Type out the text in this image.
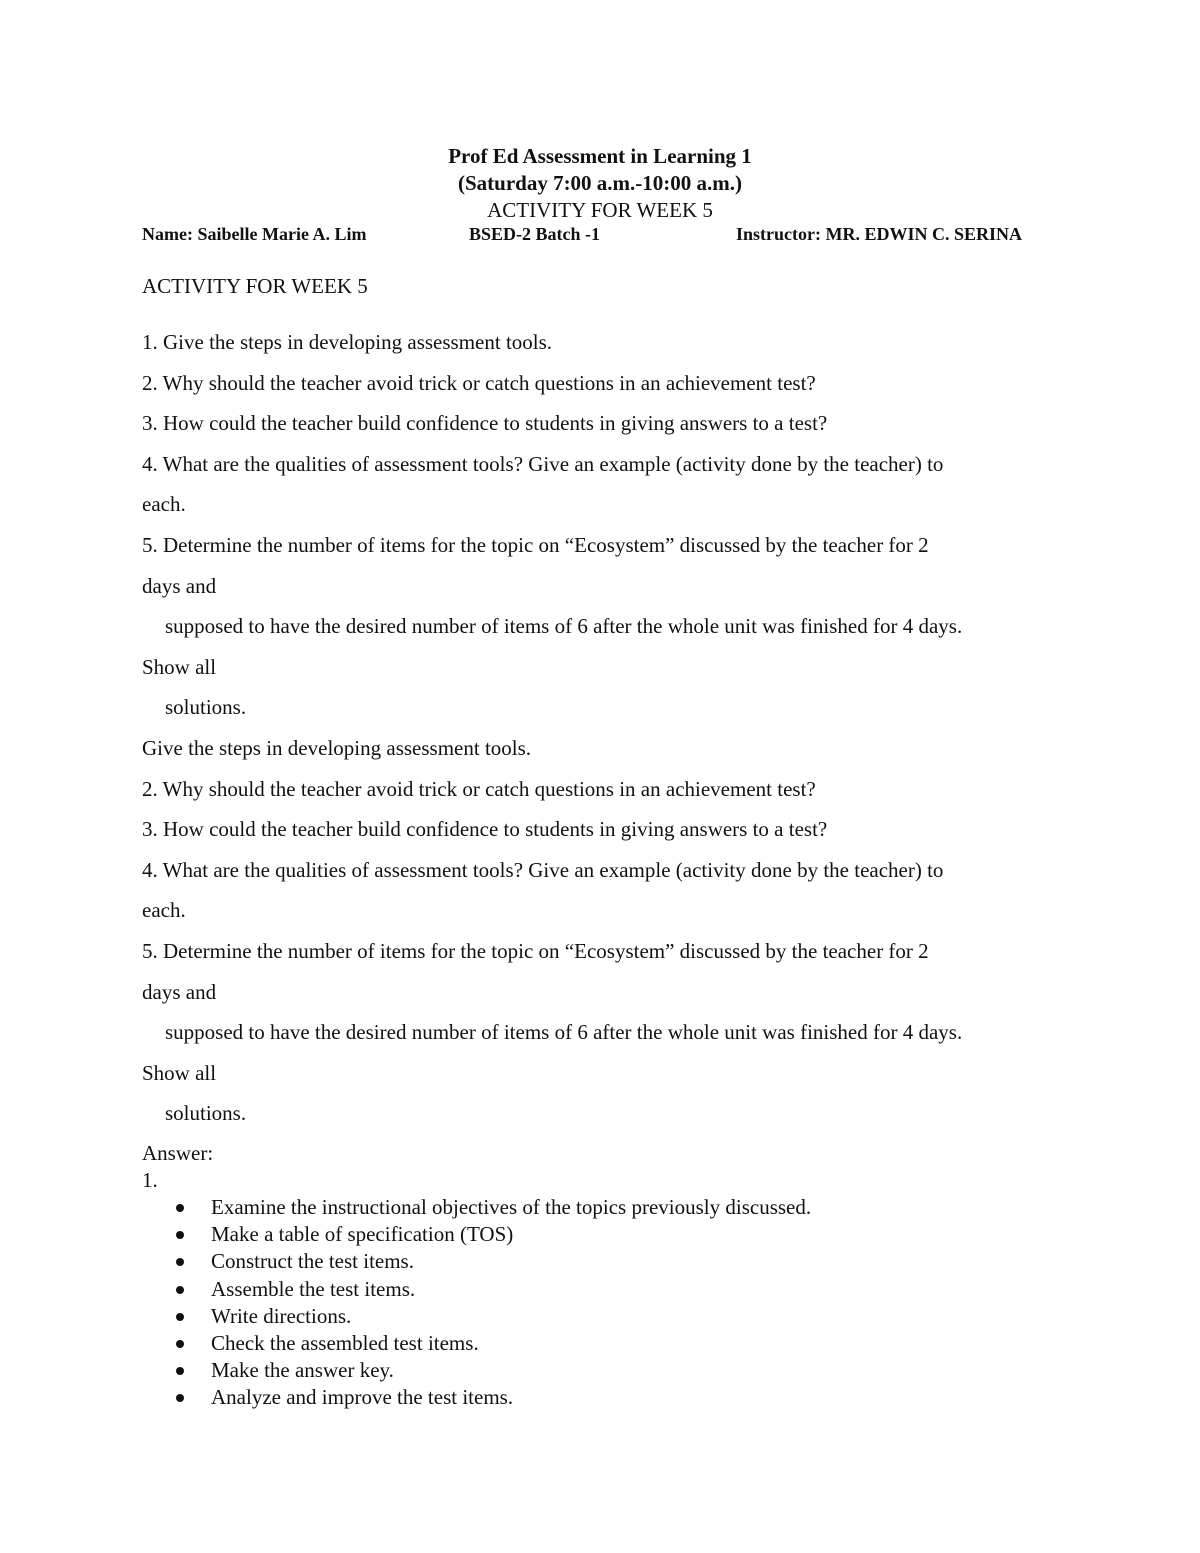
Prof Ed Assessment in Learning 1
(Saturday 7:00 a.m.-10:00 a.m.)
ACTIVITY FOR WEEK 5
Name: Saibelle Marie A. Lim	BSED-2 Batch -1	Instructor: MR. EDWIN C. SERINA
ACTIVITY FOR WEEK 5
1. Give the steps in developing assessment tools.
2. Why should the teacher avoid trick or catch questions in an achievement test?
3. How could the teacher build confidence to students in giving answers to a test?
4. What are the qualities of assessment tools? Give an example (activity done by the teacher) to
each.
5. Determine the number of items for the topic on “Ecosystem” discussed by the teacher for 2
days and
supposed to have the desired number of items of 6 after the whole unit was finished for 4 days.
Show all
solutions.
Give the steps in developing assessment tools.
2. Why should the teacher avoid trick or catch questions in an achievement test?
3. How could the teacher build confidence to students in giving answers to a test?
4. What are the qualities of assessment tools? Give an example (activity done by the teacher) to
each.
5. Determine the number of items for the topic on “Ecosystem” discussed by the teacher for 2
days and
supposed to have the desired number of items of 6 after the whole unit was finished for 4 days.
Show all
solutions.
Answer:
1.
Examine the instructional objectives of the topics previously discussed.
Make a table of specification (TOS)
Construct the test items.
Assemble the test items.
Write directions.
Check the assembled test items.
Make the answer key.
Analyze and improve the test items.
